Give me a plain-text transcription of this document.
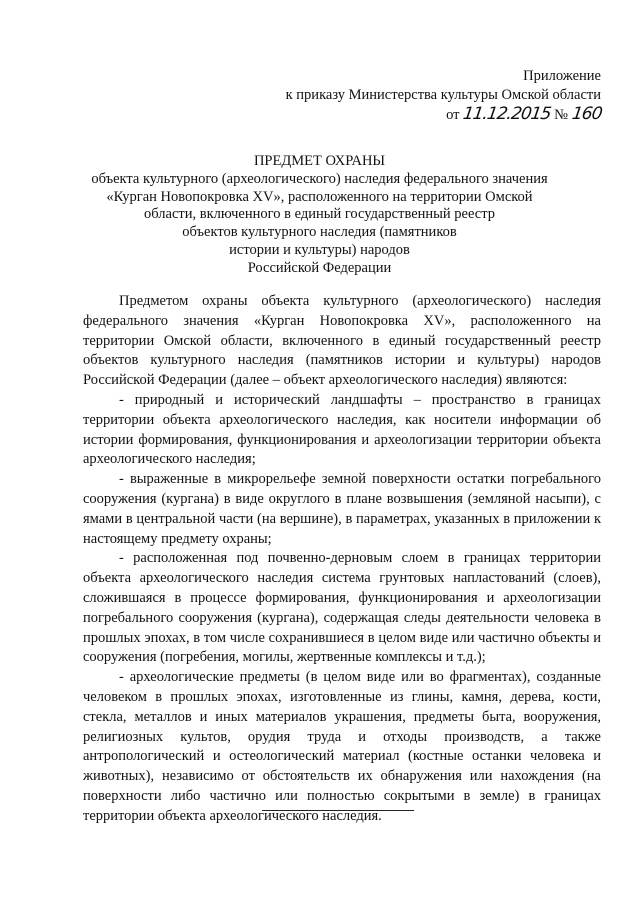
Приложение
к приказу Министерства культуры Омской области
от 11.12.2015 № 160
ПРЕДМЕТ ОХРАНЫ
объекта культурного (археологического) наследия федерального значения
«Курган Новопокровка XV», расположенного на территории Омской
области, включенного в единый государственный реестр
объектов культурного наследия (памятников
истории и культуры) народов
Российской Федерации

Предметом охраны объекта культурного (археологического) наследия федерального значения «Курган Новопокровка XV», расположенного на территории Омской области, включенного в единый государственный реестр объектов культурного наследия (памятников истории и культуры) народов Российской Федерации (далее – объект археологического наследия) являются:

- природный и исторический ландшафты – пространство в границах территории объекта археологического наследия, как носители информации об истории формирования, функционирования и археологизации территории объекта археологического наследия;

- выраженные в микрорельефе земной поверхности остатки погребального сооружения (кургана) в виде округлого в плане возвышения (земляной насыпи), с ямами в центральной части (на вершине), в параметрах, указанных в приложении к настоящему предмету охраны;

- расположенная под почвенно-дерновым слоем в границах территории объекта археологического наследия система грунтовых напластований (слоев), сложившаяся в процессе формирования, функционирования и археологизации погребального сооружения (кургана), содержащая следы деятельности человека в прошлых эпохах, в том числе сохранившиеся в целом виде или частично объекты и сооружения (погребения, могилы, жертвенные комплексы и т.д.);

- археологические предметы (в целом виде или во фрагментах), созданные человеком в прошлых эпохах, изготовленные из глины, камня, дерева, кости, стекла, металлов и иных материалов украшения, предметы быта, вооружения, религиозных культов, орудия труда и отходы производств, а также антропологический и остеологический материал (костные останки человека и животных), независимо от обстоятельств их обнаружения или нахождения (на поверхности либо частично или полностью сокрытыми в земле) в границах территории объекта археологического наследия.
